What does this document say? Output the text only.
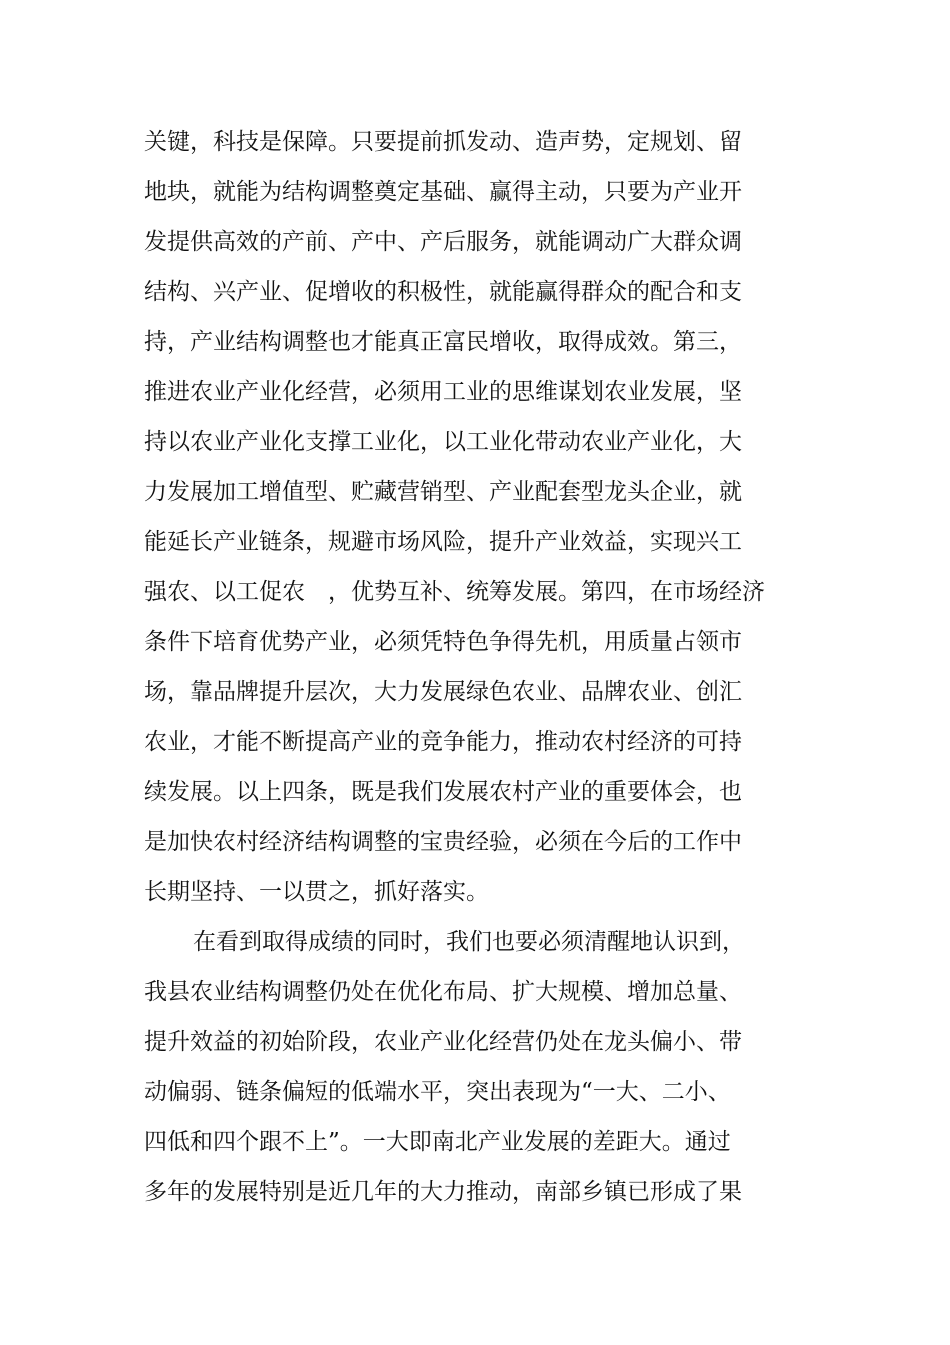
关键，科技是保障。只要提前抓发动、造声势，定规划、留
地块，就能为结构调整奠定基础、赢得主动，只要为产业开
发提供高效的产前、产中、产后服务，就能调动广大群众调
结构、兴产业、促增收的积极性，就能赢得群众的配合和支
持，产业结构调整也才能真正富民增收，取得成效。第三，
推进农业产业化经营，必须用工业的思维谋划农业发展，坚
持以农业产业化支撑工业化，以工业化带动农业产业化，大
力发展加工增值型、贮藏营销型、产业配套型龙头企业，就
能延长产业链条，规避市场风险，提升产业效益，实现兴工
强农、以工促农　，优势互补、统筹发展。第四，在市场经济
条件下培育优势产业，必须凭特色争得先机，用质量占领市
场，靠品牌提升层次，大力发展绿色农业、品牌农业、创汇
农业，才能不断提高产业的竞争能力，推动农村经济的可持
续发展。以上四条，既是我们发展农村产业的重要体会，也
是加快农村经济结构调整的宝贵经验，必须在今后的工作中
长期坚持、一以贯之，抓好落实。
在看到取得成绩的同时，我们也要必须清醒地认识到，
我县农业结构调整仍处在优化布局、扩大规模、增加总量、
提升效益的初始阶段，农业产业化经营仍处在龙头偏小、带
动偏弱、链条偏短的低端水平，突出表现为“一大、二小、
四低和四个跟不上”。一大即南北产业发展的差距大。通过
多年的发展特别是近几年的大力推动，南部乡镇已形成了果
